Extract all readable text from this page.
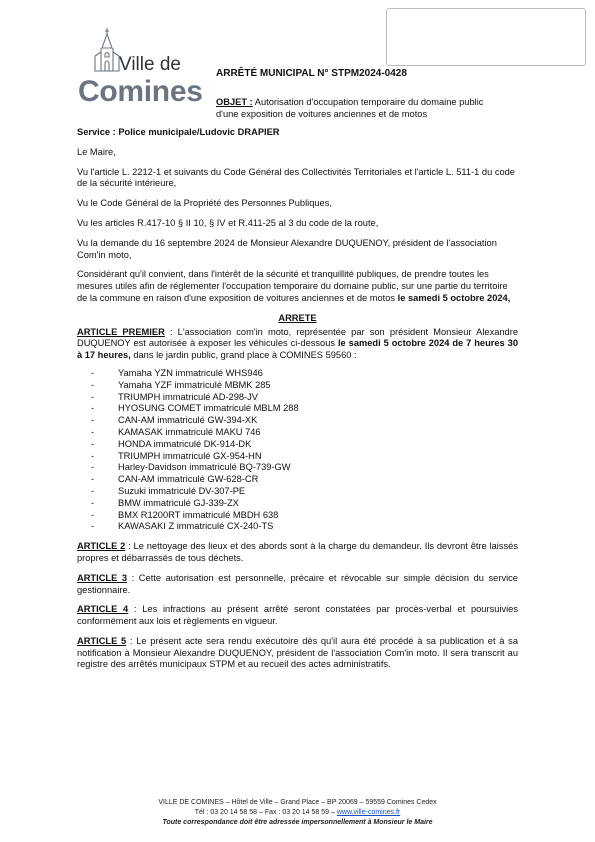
Ville de
Comines
ARRÊTÉ MUNICIPAL N° STPM2024-0428
OBJET : Autorisation d'occupation temporaire du domaine public d'une exposition de voitures anciennes et de motos

Service : Police municipale/Ludovic DRAPIER

Le Maire,

Vu l'article L. 2212-1 et suivants du Code Général des Collectivités Territoriales et l'article L. 511-1 du code de la sécurité intérieure,

Vu le Code Général de la Propriété des Personnes Publiques,

Vu les articles R.417-10 § II 10, § IV et R.411-25 al 3 du code de la route,

Vu la demande du 16 septembre 2024 de Monsieur Alexandre DUQUENOY, président de l'association Com'in moto,

Considérant qu'il convient, dans l'intérêt de la sécurité et tranquillité publiques, de prendre toutes les mesures utiles afin de réglementer l'occupation temporaire du domaine public, sur une partie du territoire de la commune en raison d'une exposition de voitures anciennes et de motos le samedi 5 octobre 2024,

ARRETE

ARTICLE PREMIER : L'association com'in moto, représentée par son président Monsieur Alexandre DUQUENOY est autorisée à exposer les véhicules ci-dessous le samedi 5 octobre 2024 de 7 heures 30 à 17 heures, dans le jardin public, grand place à COMINES 59560 :

-	Yamaha YZN immatriculé WHS946
-	Yamaha YZF immatriculé MBMK 285
-	TRIUMPH immatriculé AD-298-JV
-	HYOSUNG COMET immatriculé MBLM 288
-	CAN-AM immatriculé GW-394-XK
-	KAMASAK immatriculé MAKU 746
-	HONDA immatriculé DK-914-DK
-	TRIUMPH immatriculé GX-954-HN
-	Harley-Davidson immatriculé BQ-739-GW
-	CAN-AM immatriculé GW-628-CR
-	Suzuki immatriculé DV-307-PE
-	BMW immatriculé GJ-339-ZX
-	BMX R1200RT immatriculé MBDH 638
-	KAWASAKI Z immatriculé CX-240-TS

ARTICLE 2 : Le nettoyage des lieux et des abords sont à la charge du demandeur. Ils devront être laissés propres et débarrassés de tous déchets.

ARTICLE 3 : Cette autorisation est personnelle, précaire et révocable sur simple décision du service gestionnaire.

ARTICLE 4 : Les infractions au présent arrêté seront constatées par procès-verbal et poursuivies conformément aux lois et règlements en vigueur.

ARTICLE 5 : Le présent acte sera rendu exécutoire dès qu'il aura été procédé à sa publication et à sa notification à Monsieur Alexandre DUQUENOY, président de l'association Com'in moto. Il sera transcrit au registre des arrêtés municipaux STPM et au recueil des actes administratifs.

VILLE DE COMINES – Hôtel de Ville – Grand Place – BP 20069 – 59559 Comines Cedex
Tél : 03 20 14 58 58 – Fax : 03 20 14 58 59 – www.ville-comines.fr
Toute correspondance doit être adressée impersonnellement à Monsieur le Maire
